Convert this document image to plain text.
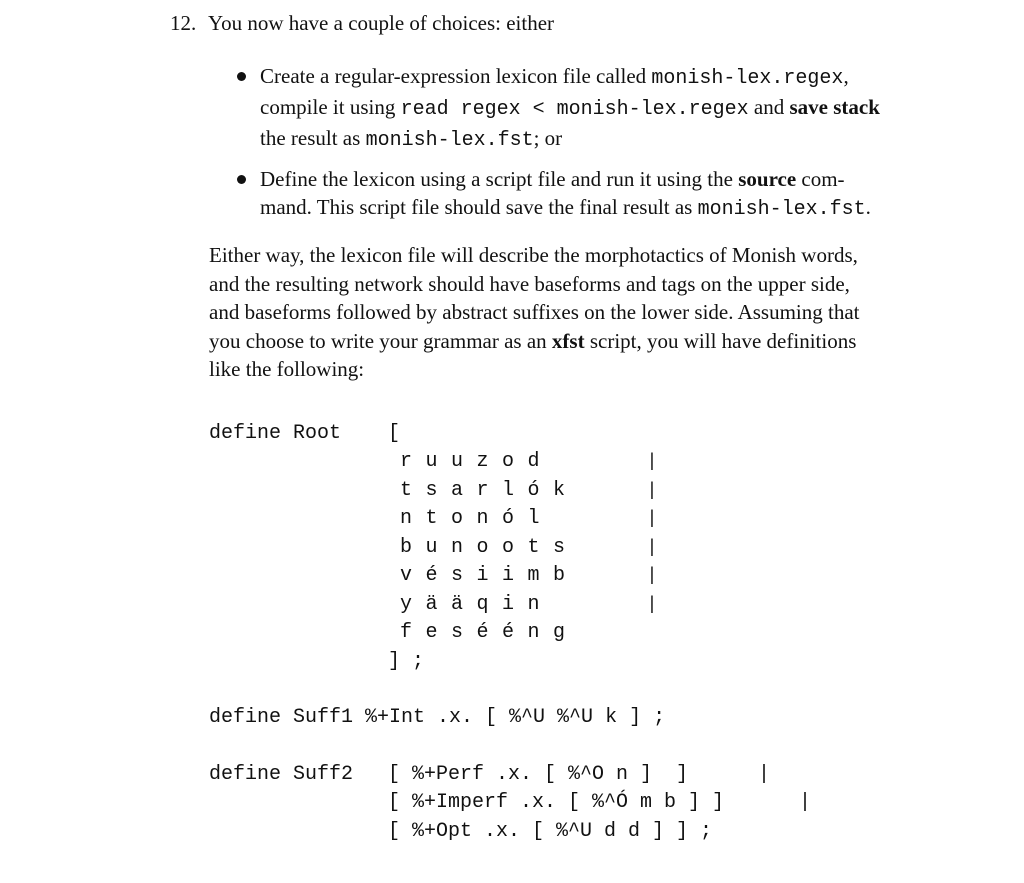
12. You now have a couple of choices: either
Create a regular-expression lexicon file called monish-lex.regex,
compile it using read regex < monish-lex.regex and save stack
the result as monish-lex.fst; or
Define the lexicon using a script file and run it using the source com-
mand. This script file should save the final result as monish-lex.fst.
Either way, the lexicon file will describe the morphotactics of Monish words,
and the resulting network should have baseforms and tags on the upper side,
and baseforms followed by abstract suffixes on the lower side. Assuming that
you choose to write your grammar as an xfst script, you will have definitions
like the following:
define Root [
r u u z o d	|
t s a r l ó k	|
n t o n ó l	|
b u n o o t s	|
v é s i i m b	|
y ä ä q i n	|
f e s é é n g
] ;
define Suff1 %+Int .x. [ %^U %^U k ] ;
define Suff2 [ %+Perf .x. [ %^O n ]  ]	|
[ %+Imperf .x. [ %^Ó m b ] ]	|
[ %+Opt .x. [ %^U d d ] ] ;
